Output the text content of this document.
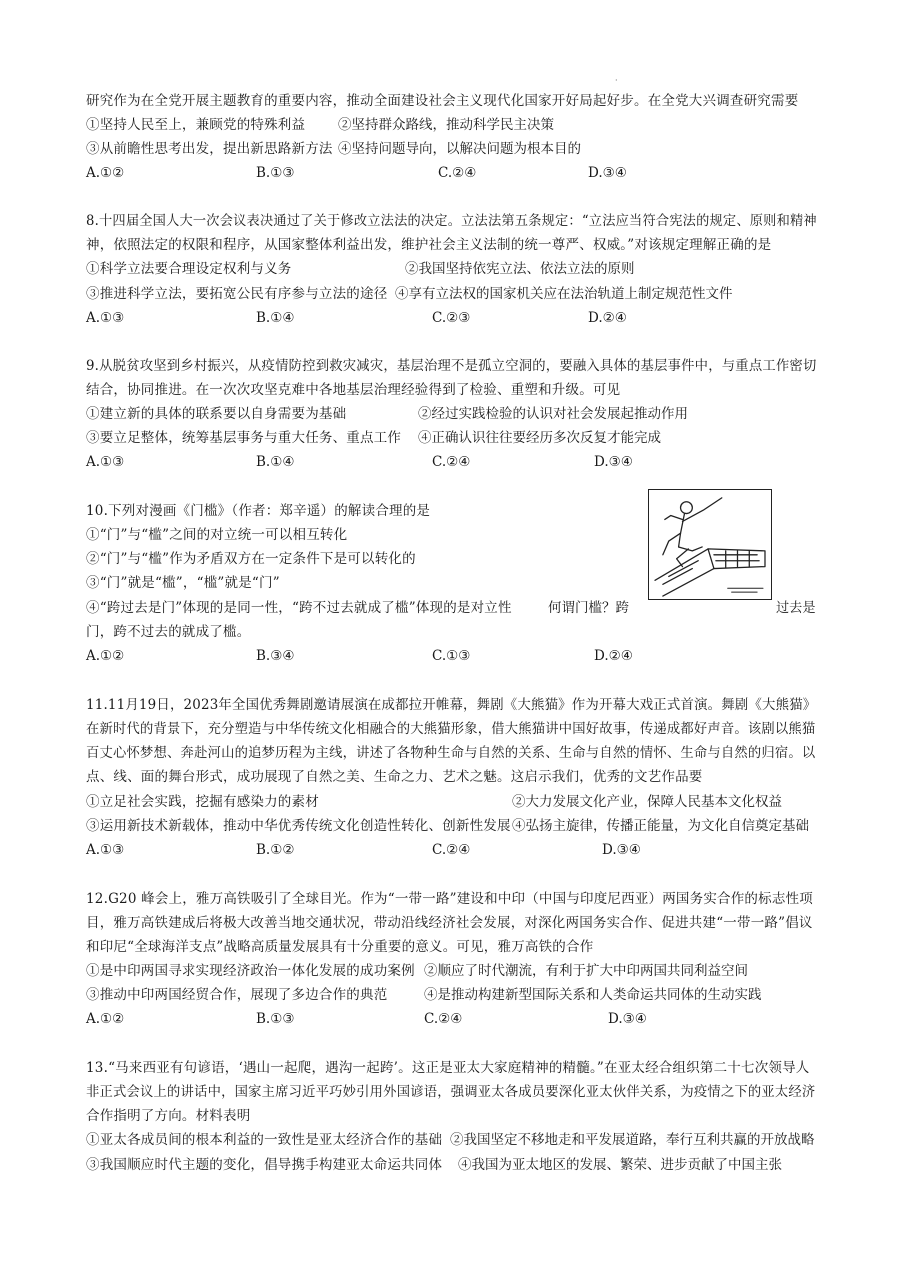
·
研究作为在全党开展主题教育的重要内容，推动全面建设社会主义现代化国家开好局起好步。在全党大兴调查研究需要
①坚持人民至上，兼顾党的特殊利益 ②坚持群众路线，推动科学民主决策
③从前瞻性思考出发，提出新思路新方法 ④坚持问题导向，以解决问题为根本目的
A.①②	B.①③	C.②④	D.③④
8.十四届全国人大一次会议表决通过了关于修改立法法的决定。立法法第五条规定：“立法应当符合宪法的规定、原则和精神
神，依照法定的权限和程序，从国家整体利益出发，维护社会主义法制的统一尊严、权威。”对该规定理解正确的是
①科学立法要合理设定权利与义务	②我国坚持依宪立法、依法立法的原则
③推进科学立法，要拓宽公民有序参与立法的途径 ④享有立法权的国家机关应在法治轨道上制定规范性文件
A.①③	B.①④	C.②③	D.②④
9.从脱贫攻坚到乡村振兴，从疫情防控到救灾减灾，基层治理不是孤立空洞的，要融入具体的基层事件中，与重点工作密切
结合，协同推进。在一次次攻坚克难中各地基层治理经验得到了检验、重塑和升级。可见
①建立新的具体的联系要以自身需要为基础	②经过实践检验的认识对社会发展起推动作用
③要立足整体，统筹基层事务与重大任务、重点工作 ④正确认识往往要经历多次反复才能完成
A.①③	B.①④	C.②④	D.③④
10.下列对漫画《门槛》（作者：郑辛遥）的解读合理的是
①“门”与“槛”之间的对立统一可以相互转化
②“门”与“槛”作为矛盾双方在一定条件下是可以转化的
③“门”就是“槛”，“槛”就是“门”
④“跨过去是门”体现的是同一性，“跨不过去就成了槛”体现的是对立性	何谓门槛？跨	过去是
门，跨不过去的就成了槛。
A.①②	B.③④	C.①③	D.②④
11.11月19日，2023年全国优秀舞剧邀请展演在成都拉开帷幕，舞剧《大熊猫》作为开幕大戏正式首演。舞剧《大熊猫》
在新时代的背景下，充分塑造与中华传统文化相融合的大熊猫形象，借大熊猫讲中国好故事，传递成都好声音。该剧以熊猫
百丈心怀梦想、奔赴河山的追梦历程为主线，讲述了各物种生命与自然的关系、生命与自然的情怀、生命与自然的归宿。以
点、线、面的舞台形式，成功展现了自然之美、生命之力、艺术之魅。这启示我们，优秀的文艺作品要
①立足社会实践，挖掘有感染力的素材	②大力发展文化产业，保障人民基本文化权益
③运用新技术新载体，推动中华优秀传统文化创造性转化、创新性发展 ④弘扬主旋律，传播正能量，为文化自信奠定基础
A.①③	B.①②	C.②④	D.③④
12.G20 峰会上，雅万高铁吸引了全球目光。作为“一带一路”建设和中印（中国与印度尼西亚）两国务实合作的标志性项
目，雅万高铁建成后将极大改善当地交通状况，带动沿线经济社会发展，对深化两国务实合作、促进共建“一带一路”倡议
和印尼“全球海洋支点”战略高质量发展具有十分重要的意义。可见，雅万高铁的合作
①是中印两国寻求实现经济政治一体化发展的成功案例 ②顺应了时代潮流，有利于扩大中印两国共同利益空间
③推动中印两国经贸合作，展现了多边合作的典范	④是推动构建新型国际关系和人类命运共同体的生动实践
A.①②	B.①③	C.②④	D.③④
13.“马来西亚有句谚语，‘遇山一起爬，遇沟一起跨’。这正是亚太大家庭精神的精髓。”在亚太经合组织第二十七次领导人
非正式会议上的讲话中，国家主席习近平巧妙引用外国谚语，强调亚太各成员要深化亚太伙伴关系，为疫情之下的亚太经济
合作指明了方向。材料表明
①亚太各成员间的根本利益的一致性是亚太经济合作的基础 ②我国坚定不移地走和平发展道路，奉行互利共赢的开放战略
③我国顺应时代主题的变化，倡导携手构建亚太命运共同体 ④我国为亚太地区的发展、繁荣、进步贡献了中国主张
